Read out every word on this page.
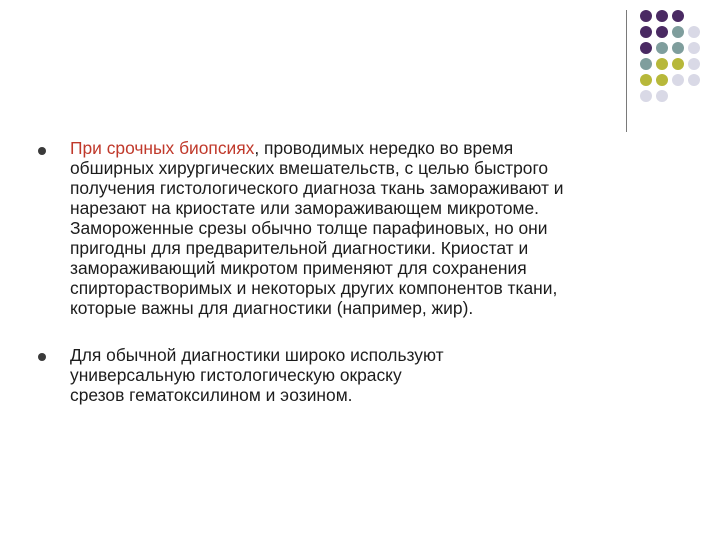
При срочных биопсиях, проводимых нередко во время
обширных хирургических вмешательств, с целью быстрого
получения гистологического диагноза ткань замораживают и
нарезают на криостате или замораживающем микротоме.
Замороженные срезы обычно толще парафиновых, но они
пригодны для предварительной диагностики. Криостат и
замораживающий микротом применяют для сохранения
спирторастворимых и некоторых других компонентов ткани,
которые важны для диагностики (например, жир).
Для обычной диагностики широко используют
универсальную гистологическую окраску
срезов гематоксилином и эозином.
